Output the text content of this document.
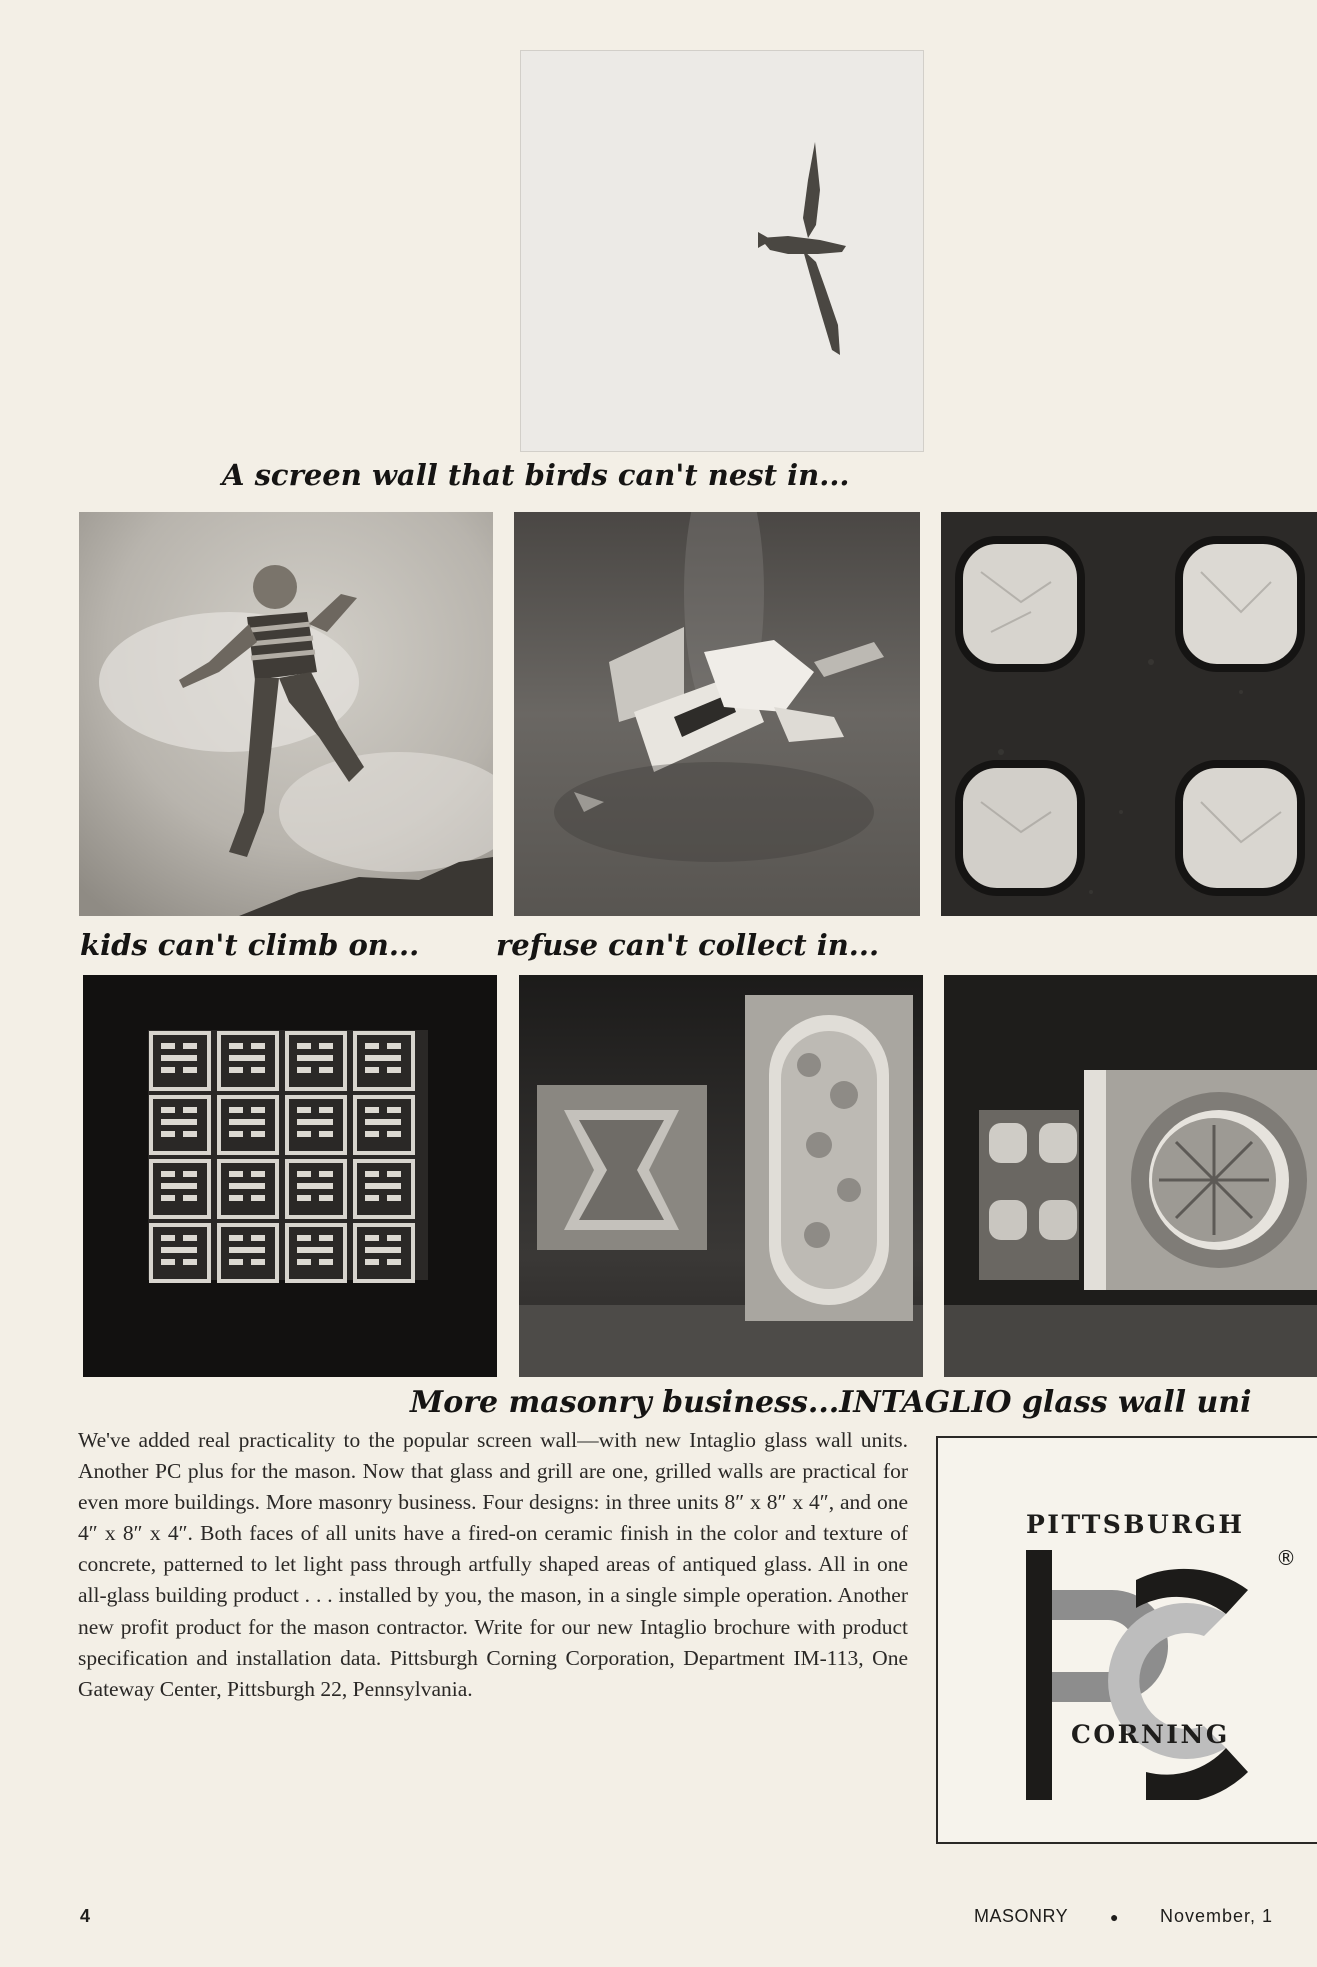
A screen wall that birds can't nest in...
kids can't climb on...	refuse can't collect in...
More masonry business...INTAGLIO glass wall uni
We've added real practicality to the popular screen wall—with new Intaglio glass wall units. Another PC plus for the mason. Now that glass and grill are one, grilled walls are practical for even more buildings. More masonry business. Four designs: in three units 8″ x 8″ x 4″, and one 4″ x 8″ x 4″. Both faces of all units have a fired-on ceramic finish in the color and texture of concrete, patterned to let light pass through artfully shaped areas of antiqued glass. All in one all-glass building product . . . installed by you, the mason, in a single simple operation. Another new profit product for the mason contractor. Write for our new Intaglio brochure with product specification and installation data. Pittsburgh Corning Corporation, Department IM-113, One Gateway Center, Pittsburgh 22, Pennsylvania.
PITTSBURGH
®
CORNING
4	MASONRY	● November, 1
